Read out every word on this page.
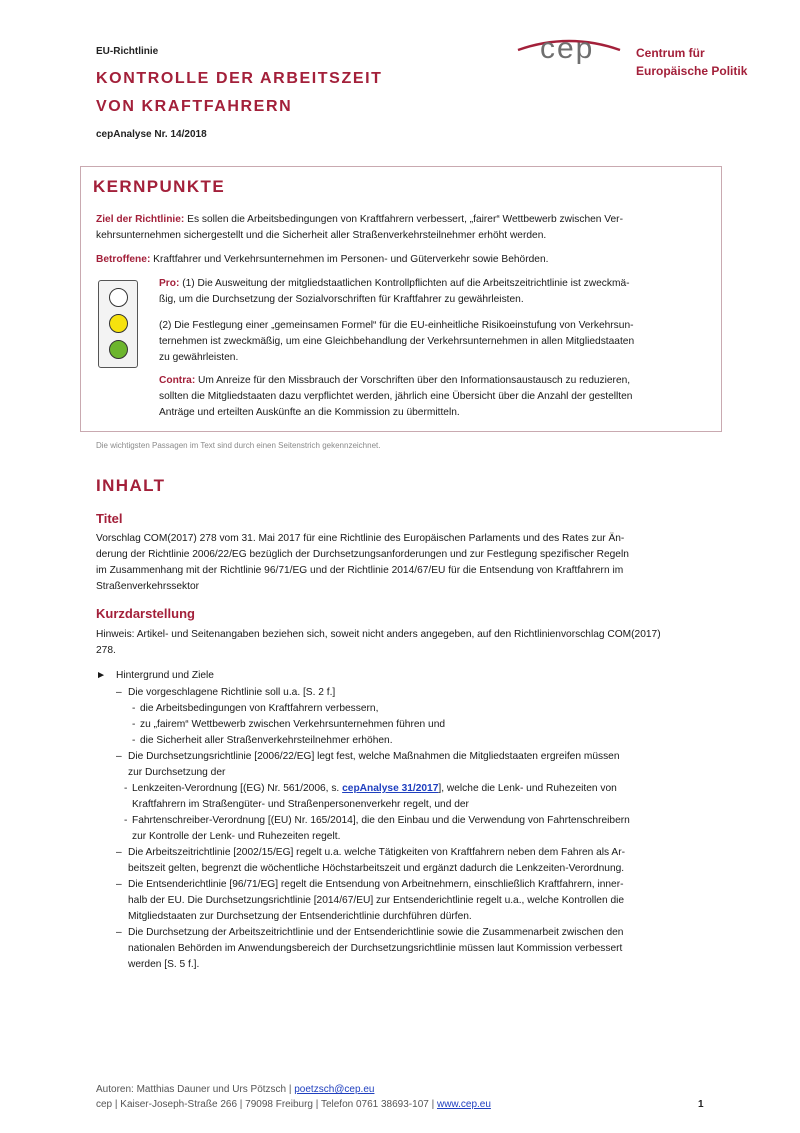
EU-Richtlinie
KONTROLLE DER ARBEITSZEIT
VON KRAFTFAHRERN
cepAnalyse Nr. 14/2018
cep	Centrum für
Europäische Politik
KERNPUNKTE
Ziel der Richtlinie: Es sollen die Arbeitsbedingungen von Kraftfahrern verbessert, „fairer“ Wettbewerb zwischen Ver-
kehrsunternehmen sichergestellt und die Sicherheit aller Straßenverkehrsteilnehmer erhöht werden.
Betroffene: Kraftfahrer und Verkehrsunternehmen im Personen- und Güterverkehr sowie Behörden.
Pro: (1) Die Ausweitung der mitgliedstaatlichen Kontrollpflichten auf die Arbeitszeitrichtlinie ist zweckmä-
ßig, um die Durchsetzung der Sozialvorschriften für Kraftfahrer zu gewährleisten.
(2) Die Festlegung einer „gemeinsamen Formel“ für die EU-einheitliche Risikoeinstufung von Verkehrsun-
ternehmen ist zweckmäßig, um eine Gleichbehandlung der Verkehrsunternehmen in allen Mitgliedstaaten
zu gewährleisten.
Contra: Um Anreize für den Missbrauch der Vorschriften über den Informationsaustausch zu reduzieren,
sollten die Mitgliedstaaten dazu verpflichtet werden, jährlich eine Übersicht über die Anzahl der gestellten
Anträge und erteilten Auskünfte an die Kommission zu übermitteln.
Die wichtigsten Passagen im Text sind durch einen Seitenstrich gekennzeichnet.
INHALT
Titel
Vorschlag COM(2017) 278 vom 31. Mai 2017 für eine Richtlinie des Europäischen Parlaments und des Rates zur Än-
derung der Richtlinie 2006/22/EG bezüglich der Durchsetzungsanforderungen und zur Festlegung spezifischer Regeln
im Zusammenhang mit der Richtlinie 96/71/EG und der Richtlinie 2014/67/EU für die Entsendung von Kraftfahrern im
Straßenverkehrssektor
Kurzdarstellung
Hinweis: Artikel- und Seitenangaben beziehen sich, soweit nicht anders angegeben, auf den Richtlinienvorschlag COM(2017)
278.
► Hintergrund und Ziele
– Die vorgeschlagene Richtlinie soll u.a. [S. 2 f.]
- die Arbeitsbedingungen von Kraftfahrern verbessern,
- zu „fairem“ Wettbewerb zwischen Verkehrsunternehmen führen und
- die Sicherheit aller Straßenverkehrsteilnehmer erhöhen.
– Die Durchsetzungsrichtlinie [2006/22/EG] legt fest, welche Maßnahmen die Mitgliedstaaten ergreifen müssen
zur Durchsetzung der
- Lenkzeiten-Verordnung [(EG) Nr. 561/2006, s. cepAnalyse 31/2017], welche die Lenk- und Ruhezeiten von
Kraftfahrern im Straßengüter- und Straßenpersonenverkehr regelt, und der
- Fahrtenschreiber-Verordnung [(EU) Nr. 165/2014], die den Einbau und die Verwendung von Fahrtenschreibern
zur Kontrolle der Lenk- und Ruhezeiten regelt.
– Die Arbeitszeitrichtlinie [2002/15/EG] regelt u.a. welche Tätigkeiten von Kraftfahrern neben dem Fahren als Ar-
beitszeit gelten, begrenzt die wöchentliche Höchstarbeitszeit und ergänzt dadurch die Lenkzeiten-Verordnung.
– Die Entsenderichtlinie [96/71/EG] regelt die Entsendung von Arbeitnehmern, einschließlich Kraftfahrern, inner-
halb der EU. Die Durchsetzungsrichtlinie [2014/67/EU] zur Entsenderichtlinie regelt u.a., welche Kontrollen die
Mitgliedstaaten zur Durchsetzung der Entsenderichtlinie durchführen dürfen.
– Die Durchsetzung der Arbeitszeitrichtlinie und der Entsenderichtlinie sowie die Zusammenarbeit zwischen den
nationalen Behörden im Anwendungsbereich der Durchsetzungsrichtlinie müssen laut Kommission verbessert
werden [S. 5 f.].
Autoren: Matthias Dauner und Urs Pötzsch | poetzsch@cep.eu
cep | Kaiser-Joseph-Straße 266 | 79098 Freiburg | Telefon 0761 38693-107 | www.cep.eu	1
